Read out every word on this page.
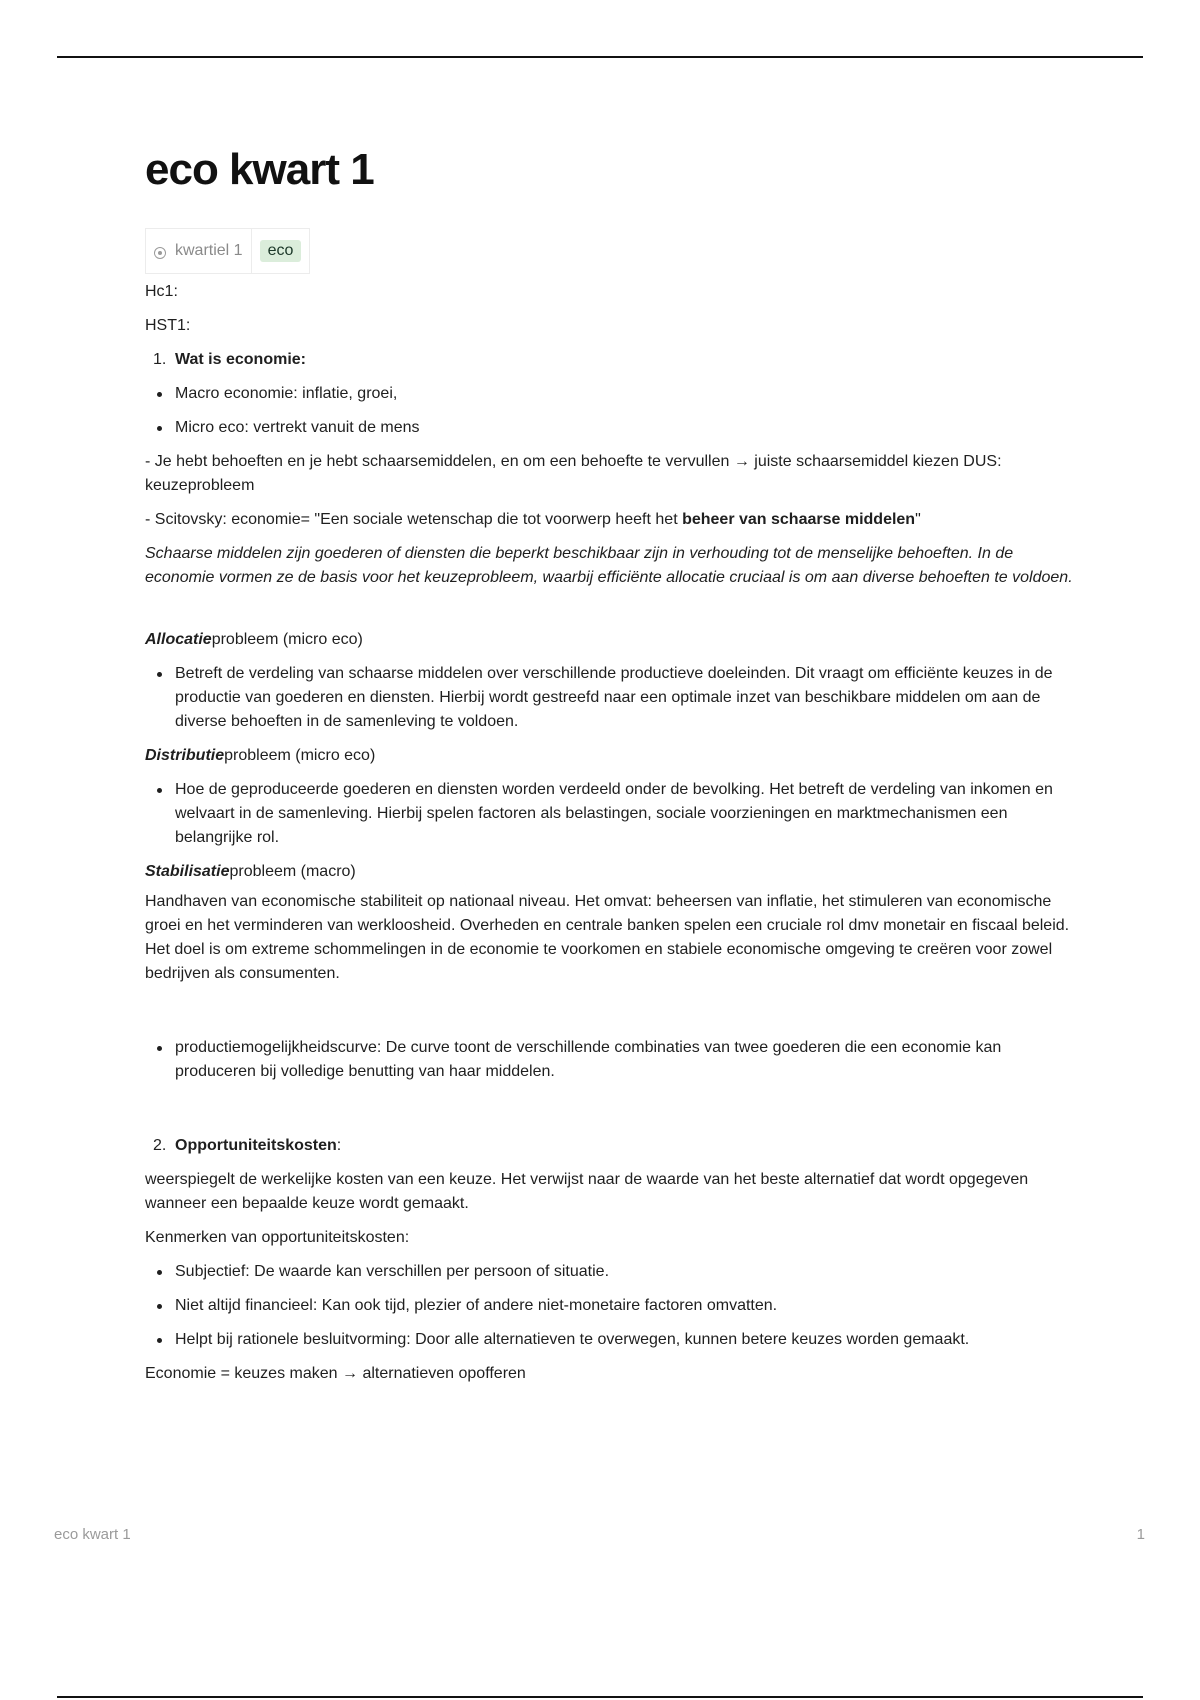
eco kwart 1
kwartiel 1	eco

Hc1:

HST1:

1. Wat is economie:
Macro economie: inflatie, groei,
Micro eco: vertrekt vanuit de mens

- Je hebt behoeften en je hebt schaarsemiddelen, en om een behoefte te vervullen → juiste schaarsemiddel kiezen DUS: keuzeprobleem

- Scitovsky: economie= "Een sociale wetenschap die tot voorwerp heeft het beheer van schaarse middelen"

Schaarse middelen zijn goederen of diensten die beperkt beschikbaar zijn in verhouding tot de menselijke behoeften. In de economie vormen ze de basis voor het keuzeprobleem, waarbij efficiënte allocatie cruciaal is om aan diverse behoeften te voldoen.

Allocatieprobleem (micro eco)

Betreft de verdeling van schaarse middelen over verschillende productieve doeleinden. Dit vraagt om efficiënte keuzes in de productie van goederen en diensten. Hierbij wordt gestreefd naar een optimale inzet van beschikbare middelen om aan de diverse behoeften in de samenleving te voldoen.

Distributieprobleem (micro eco)

Hoe de geproduceerde goederen en diensten worden verdeeld onder de bevolking. Het betreft de verdeling van inkomen en welvaart in de samenleving. Hierbij spelen factoren als belastingen, sociale voorzieningen en marktmechanismen een belangrijke rol.

Stabilisatieprobleem (macro)

Handhaven van economische stabiliteit op nationaal niveau. Het omvat: beheersen van inflatie, het stimuleren van economische groei en het verminderen van werkloosheid. Overheden en centrale banken spelen een cruciale rol dmv monetair en fiscaal beleid. Het doel is om extreme schommelingen in de economie te voorkomen en stabiele economische omgeving te creëren voor zowel bedrijven als consumenten.

productiemogelijkheidscurve: De curve toont de verschillende combinaties van twee goederen die een economie kan produceren bij volledige benutting van haar middelen.
2. Opportuniteitskosten:

weerspiegelt de werkelijke kosten van een keuze. Het verwijst naar de waarde van het beste alternatief dat wordt opgegeven wanneer een bepaalde keuze wordt gemaakt.

Kenmerken van opportuniteitskosten:

Subjectief: De waarde kan verschillen per persoon of situatie.
Niet altijd financieel: Kan ook tijd, plezier of andere niet-monetaire factoren omvatten.
Helpt bij rationele besluitvorming: Door alle alternatieven te overwegen, kunnen betere keuzes worden gemaakt.

Economie = keuzes maken → alternatieven opofferen

eco kwart 1	1
